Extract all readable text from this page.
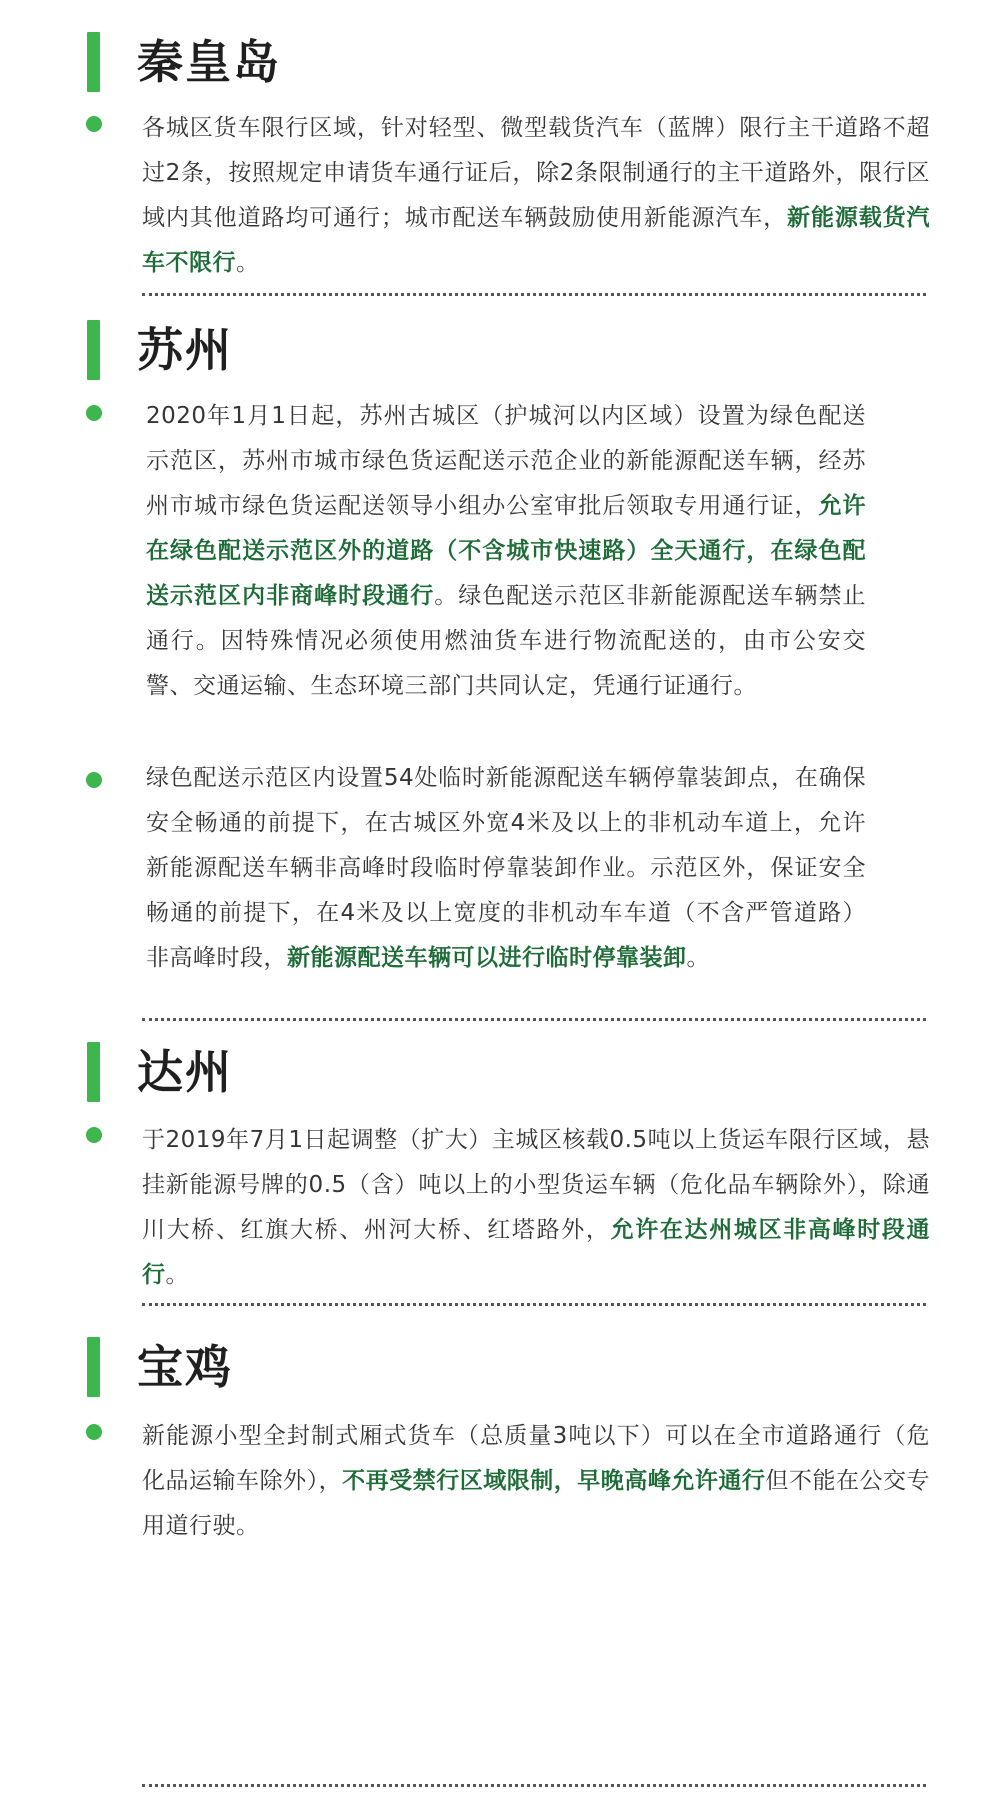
秦皇岛
各城区货车限行区域，针对轻型、微型载货汽车（蓝牌）限行主干道路不超过2条，按照规定申请货车通行证后，除2条限制通行的主干道路外，限行区域内其他道路均可通行；城市配送车辆鼓励使用新能源汽车，新能源载货汽车不限行。
苏州
2020年1月1日起，苏州古城区（护城河以内区域）设置为绿色配送示范区，苏州市城市绿色货运配送示范企业的新能源配送车辆，经苏州市城市绿色货运配送领导小组办公室审批后领取专用通行证，允许在绿色配送示范区外的道路（不含城市快速路）全天通行，在绿色配送示范区内非商峰时段通行。绿色配送示范区非新能源配送车辆禁止通行。因特殊情况必须使用燃油货车进行物流配送的，由市公安交警、交通运输、生态环境三部门共同认定，凭通行证通行。
绿色配送示范区内设置54处临时新能源配送车辆停靠装卸点，在确保安全畅通的前提下，在古城区外宽4米及以上的非机动车道上，允许新能源配送车辆非高峰时段临时停靠装卸作业。示范区外，保证安全畅通的前提下，在4米及以上宽度的非机动车车道（不含严管道路）非高峰时段，新能源配送车辆可以进行临时停靠装卸。
达州
于2019年7月1日起调整（扩大）主城区核载0.5吨以上货运车限行区域，悬挂新能源号牌的0.5（含）吨以上的小型货运车辆（危化品车辆除外），除通川大桥、红旗大桥、州河大桥、红塔路外，允许在达州城区非高峰时段通行。
宝鸡
新能源小型全封制式厢式货车（总质量3吨以下）可以在全市道路通行（危化品运输车除外），不再受禁行区域限制，早晚高峰允许通行但不能在公交专用道行驶。
